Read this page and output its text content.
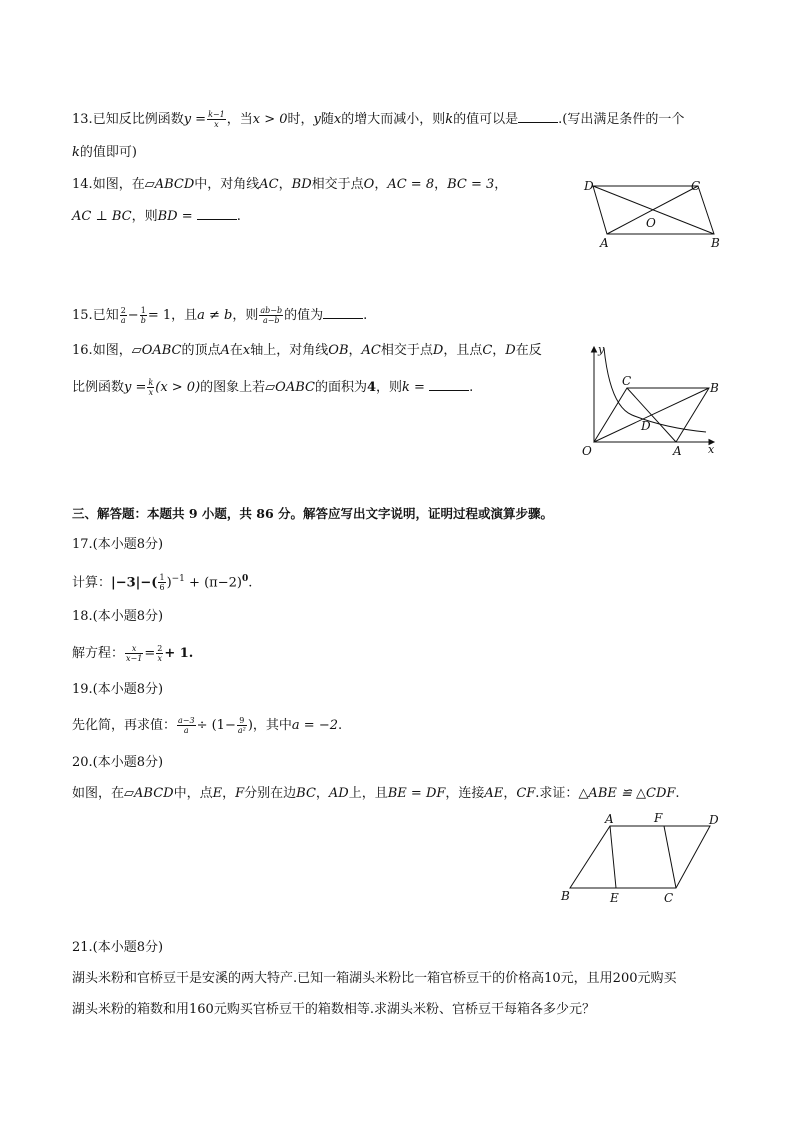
13.已知反比例函数$y = \frac{k-1}{x}$ ，当x > 0时，y随x的增大而减小，则k的值可以是	.(写出满足条件的一个
k的值即可)
14.如图，在▱ABCD中，对角线AC，BD相交于点O，AC = 8，BC = 3，
AC ⊥ BC，则BD =	.
D	C
O
A	B
15.已知 $\frac{2}{a} - \frac{1}{b} = 1$，且a ≠ b，则 $\frac{ab-b}{a-b}$ 的值为	.
16.如图，▱OABC的顶点A在x轴上，对角线OB，AC相交于点D，且点C，D在反
比例函数$y = \frac{k}{x} (x > 0)$的图象上若▱OABC的面积为4，则k =	.
y
C	B
D
O	A x
三、解答题：本题共 9 小题，共 86 分。解答应写出文字说明，证明过程或演算步骤。
17.(本小题8分)
计算：$|-3|-( \frac{1}{6} )^{-1} + (\pi-2)^0$.
18.(本小题8分)
解方程： $\frac{x}{x-1} = \frac{2}{x} + 1$.
19.(本小题8分)
先化简，再求值： $\frac{a-3}{a} \div (1- \frac{9}{\text{a²}}$ )，其中a = −2.
20.(本小题8分)
如图，在▱ABCD中，点E，F分别在边BC，AD上，且BE = DF，连接AE，CF.求证：△ABE ≌ △CDF.
A	F	D
B	E	C
21.(本小题8分)
湖头米粉和官桥豆干是安溪的两大特产.已知一箱湖头米粉比一箱官桥豆干的价格高10元，且用200元购买
湖头米粉的箱数和用160元购买官桥豆干的箱数相等.求湖头米粉、官桥豆干每箱各多少元？
